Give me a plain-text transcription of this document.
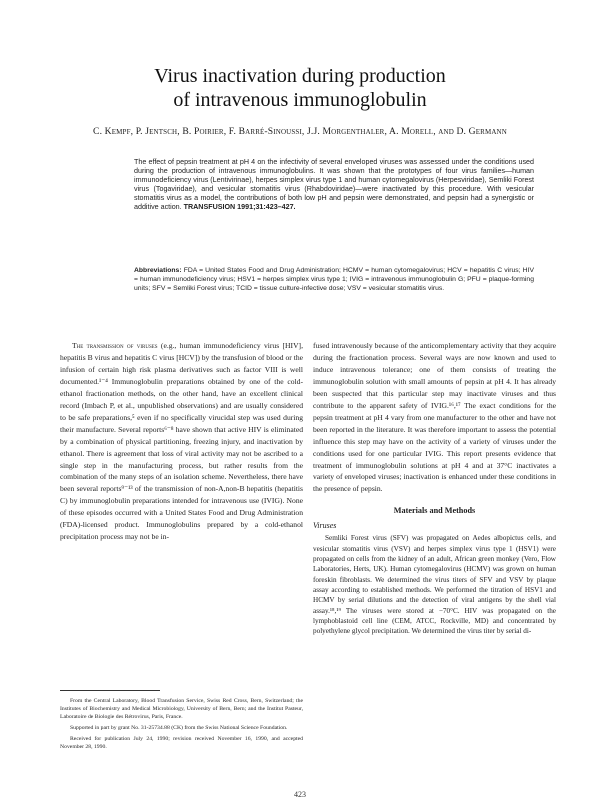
Virus inactivation during production
of intravenous immunoglobulin
C. Kempf, P. Jentsch, B. Poirier, F. Barré-Sinoussi, J.J. Morgenthaler, A. Morell, and D. Germann
The effect of pepsin treatment at pH 4 on the infectivity of several enveloped viruses was assessed under the conditions used during the production of intravenous immunoglobulins. It was shown that the prototypes of four virus families—human immunodeficiency virus (Lentivirinae), herpes simplex virus type 1 and human cytomegalovirus (Herpesviridae), Semliki Forest virus (Togaviridae), and vesicular stomatitis virus (Rhabdoviridae)—were inactivated by this procedure. With vesicular stomatitis virus as a model, the contributions of both low pH and pepsin were demonstrated, and pepsin had a synergistic or additive action. TRANSFUSION 1991;31:423–427.
Abbreviations: FDA = United States Food and Drug Administration; HCMV = human cytomegalovirus; HCV = hepatitis C virus; HIV = human immunodeficiency virus; HSV1 = herpes simplex virus type 1; IVIG = intravenous immunoglobulin G; PFU = plaque-forming units; SFV = Semliki Forest virus; TCID = tissue culture-infective dose; VSV = vesicular stomatitis virus.

The transmission of viruses (e.g., human immunodeficiency virus [HIV], hepatitis B virus and hepatitis C virus [HCV]) by the transfusion of blood or the infusion of certain high risk plasma derivatives such as factor VIII is well documented.¹⁻⁴ Immunoglobulin preparations obtained by one of the cold-ethanol fractionation methods, on the other hand, have an excellent clinical record (Imbach P, et al., unpublished observations) and are usually considered to be safe preparations,⁵ even if no specifically virucidal step was used during their manufacture. Several reports⁶⁻⁸ have shown that active HIV is eliminated by a combination of physical partitioning, freezing injury, and inactivation by ethanol. There is agreement that loss of viral activity may not be ascribed to a single step in the manufacturing process, but rather results from the combination of the many steps of an isolation scheme. Nevertheless, there have been several reports⁹⁻¹³ of the transmission of non-A,non-B hepatitis (hepatitis C) by immunoglobulin preparations intended for intravenous use (IVIG). None of these episodes occurred with a United States Food and Drug Administration (FDA)-licensed product. Immunoglobulins prepared by a cold-ethanol precipitation process may not be in-

fused intravenously because of the anticomplementary activity that they acquire during the fractionation process. Several ways are now known and used to induce intravenous tolerance; one of them consists of treating the immunoglobulin solution with small amounts of pepsin at pH 4. It has already been suspected that this particular step may inactivate viruses and thus contribute to the apparent safety of IVIG.¹⁶,¹⁷ The exact conditions for the pepsin treatment at pH 4 vary from one manufacturer to the other and have not been reported in the literature. It was therefore important to assess the potential influence this step may have on the activity of a variety of viruses under the conditions used for one particular IVIG. This report presents evidence that treatment of immunoglobulin solutions at pH 4 and at 37°C inactivates a variety of enveloped viruses; inactivation is enhanced under these conditions in the presence of pepsin.

Materials and Methods
Viruses

Semliki Forest virus (SFV) was propagated on Aedes albopictus cells, and vesicular stomatitis virus (VSV) and herpes simplex virus type 1 (HSV1) were propagated on cells from the kidney of an adult, African green monkey (Vero, Flow Laboratories, Herts, UK). Human cytomegalovirus (HCMV) was grown on human foreskin fibroblasts. We determined the virus titers of SFV and VSV by plaque assay according to established methods. We performed the titration of HSV1 and HCMV by serial dilutions and the detection of viral antigens by the shell vial assay.¹⁸,¹⁹ The viruses were stored at −70°C. HIV was propagated on the lymphoblastoid cell line (CEM, ATCC, Rockville, MD) and concentrated by polyethylene glycol precipitation. We determined the virus titer by serial di-

From the Central Laboratory, Blood Transfusion Service, Swiss Red Cross, Bern, Switzerland; the Institutes of Biochemistry and Medical Microbiology, University of Bern, Bern; and the Institut Pasteur, Laboratoire de Biologie des Rétrovirus, Paris, France.

Supported in part by grant No. 31-25734.88 (CK) from the Swiss National Science Foundation.

Received for publication July 24, 1990; revision received November 16, 1990, and accepted November 28, 1990.

423
